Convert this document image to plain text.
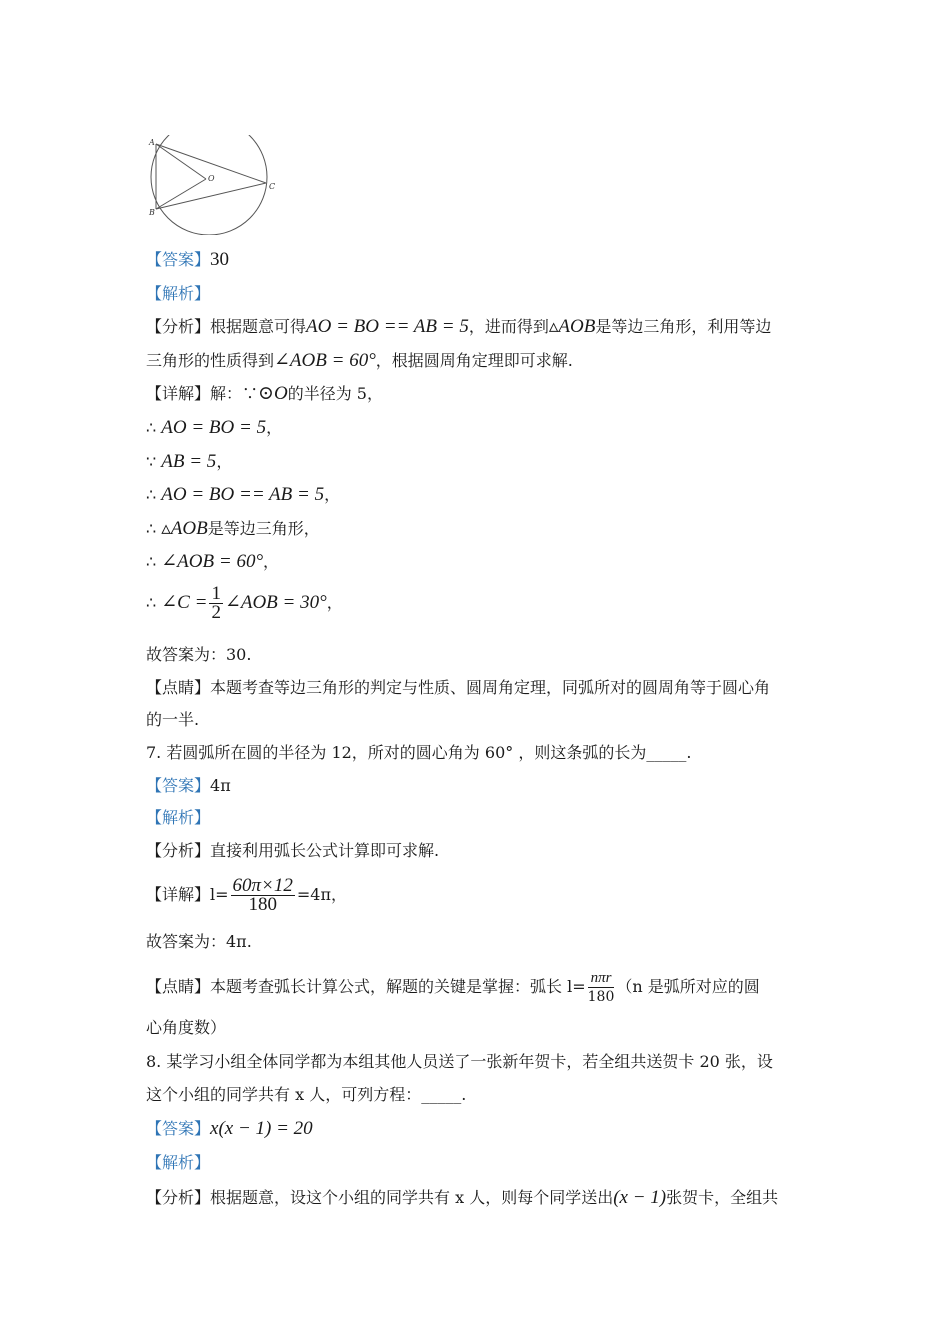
A
B
C
O
【答案】30
【解析】
【分析】根据题意可得AO = BO == AB = 5，进而得到▵AOB是等边三角形，利用等边
三角形的性质得到∠AOB = 60°，根据圆周角定理即可求解.
【详解】解：∵⊙O的半径为 5，
∴ AO = BO = 5，
∵ AB = 5，
∴ AO = BO == AB = 5，
∴ ▵AOB是等边三角形，
∴ ∠AOB = 60°，
∴ ∠C = $\frac{1}{2}$ ∠AOB = 30°，
故答案为：30.
【点睛】本题考查等边三角形的判定与性质、圆周角定理，同弧所对的圆周角等于圆心角
的一半.
7. 若圆弧所在圆的半径为 12，所对的圆心角为 60° ，则这条弧的长为_____.
【答案】4π
【解析】
【分析】直接利用弧长公式计算即可求解.
【详解】$l= \frac{60\pi\times 12}{180} =4\pi$，
故答案为：4π.
【点睛】本题考查弧长计算公式，解题的关键是掌握：弧长 $l= \frac{\text{nπr}}{180} (n$ 是弧所对应的圆
心角度数）
8. 某学习小组全体同学都为本组其他人员送了一张新年贺卡，若全组共送贺卡 20 张，设
这个小组的同学共有 x 人，可列方程：_____.
【答案】x(x − 1) = 20
【解析】
【分析】根据题意，设这个小组的同学共有 x 人，则每个同学送出(x − 1)张贺卡，全组共
